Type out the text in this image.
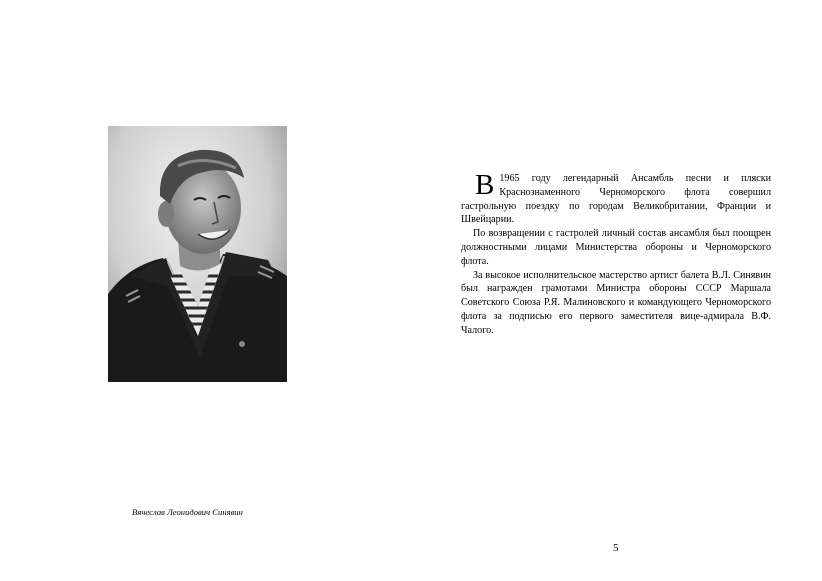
Вячеслав Леонидович Синявин

В 1965 году легендарный Ансамбль песни и пляски Краснознаменного Черноморского флота совершил гастрольную поездку по городам Великобритании, Франции и Швейцарии.

По возвращении с гастролей личный состав ансамбля был поощрен должностными лицами Министерства обороны и Черноморского флота.

За высокое исполнительское мастерство артист балета В.Л. Синявин был награжден грамотами Министра обороны СССР Маршала Советского Союза Р.Я. Малиновского и командующего Черноморского флота за подписью его первого заместителя вице-адмирала В.Ф. Чалого.

5
